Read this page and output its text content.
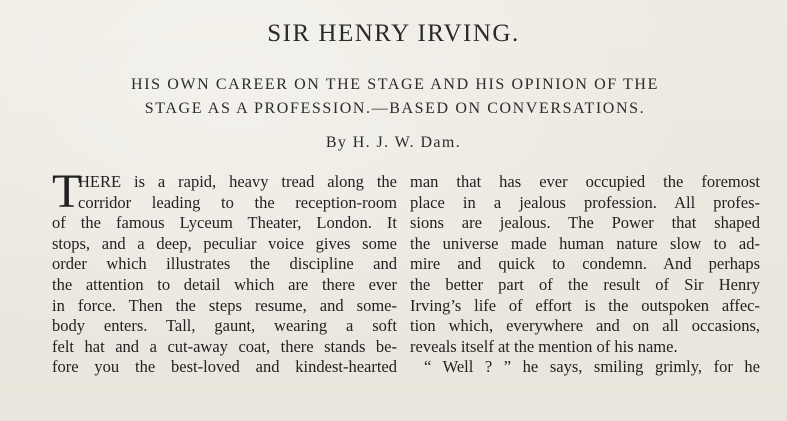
SIR HENRY IRVING.
HIS OWN CAREER ON THE STAGE AND HIS OPINION OF THE
STAGE AS A PROFESSION.—BASED ON CONVERSATIONS.
By H. J. W. Dam.
T
HERE is a rapid, heavy tread along the
corridor leading to the reception-room
of the famous Lyceum Theater, London. It
stops, and a deep, peculiar voice gives some
order which illustrates the discipline and
the attention to detail which are there ever
in force. Then the steps resume, and some-
body enters. Tall, gaunt, wearing a soft
felt hat and a cut-away coat, there stands be-
fore you the best-loved and kindest-hearted
man that has ever occupied the foremost
place in a jealous profession. All profes-
sions are jealous. The Power that shaped
the universe made human nature slow to ad-
mire and quick to condemn. And perhaps
the better part of the result of Sir Henry
Irving’s life of effort is the outspoken affec-
tion which, everywhere and on all occasions,
reveals itself at the mention of his name.
“ Well ? ” he says, smiling grimly, for he
